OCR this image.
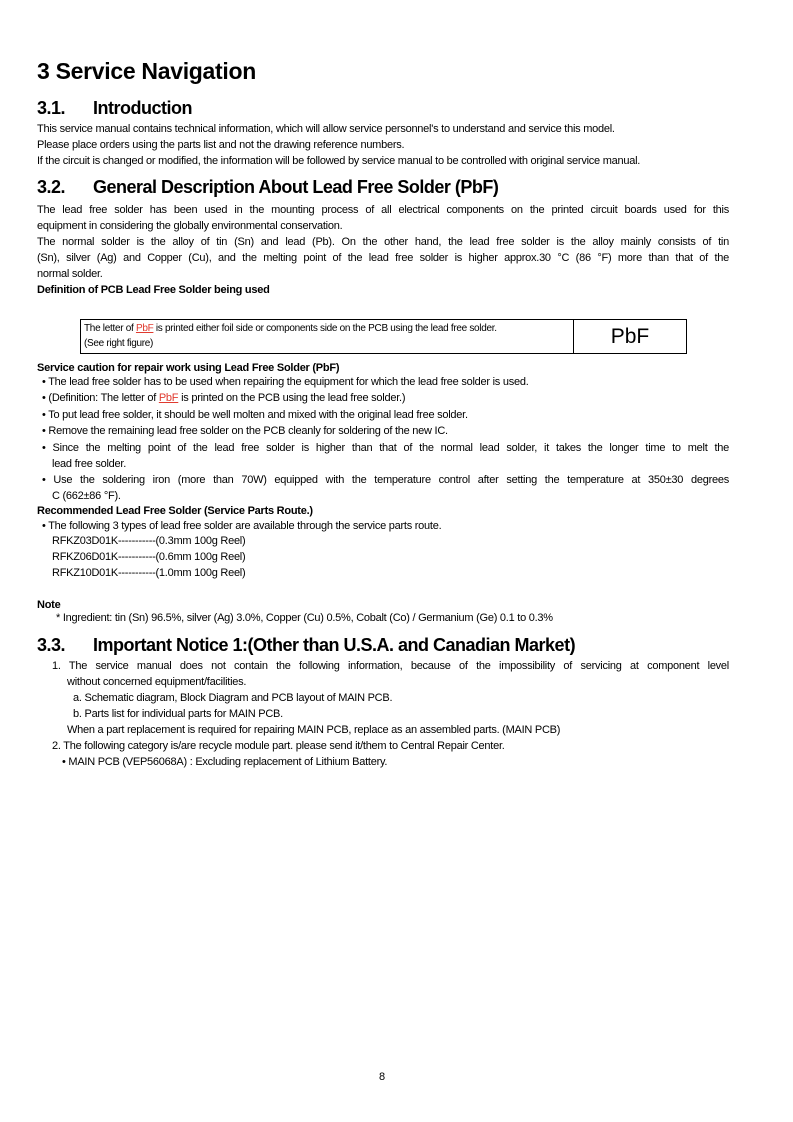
3 Service Navigation
3.1. Introduction
This service manual contains technical information, which will allow service personnel's to understand and service this model.
Please place orders using the parts list and not the drawing reference numbers.
If the circuit is changed or modified, the information will be followed by service manual to be controlled with original service manual.
3.2. General Description About Lead Free Solder (PbF)
The lead free solder has been used in the mounting process of all electrical components on the printed circuit boards used for this
equipment in considering the globally environmental conservation.
The normal solder is the alloy of tin (Sn) and lead (Pb). On the other hand, the lead free solder is the alloy mainly consists of tin
(Sn), silver (Ag) and Copper (Cu), and the melting point of the lead free solder is higher approx.30 °C (86 °F) more than that of the
normal solder.
Definition of PCB Lead Free Solder being used
The letter of PbF is printed either foil side or components side on the PCB using the lead free solder.
(See right figure)	PbF
Service caution for repair work using Lead Free Solder (PbF)
• The lead free solder has to be used when repairing the equipment for which the lead free solder is used.
• (Definition: The letter of PbF is printed on the PCB using the lead free solder.)
• To put lead free solder, it should be well molten and mixed with the original lead free solder.
• Remove the remaining lead free solder on the PCB cleanly for soldering of the new IC.
• Since the melting point of the lead free solder is higher than that of the normal lead solder, it takes the longer time to melt the
lead free solder.
• Use the soldering iron (more than 70W) equipped with the temperature control after setting the temperature at 350±30 degrees
C (662±86 °F).
Recommended Lead Free Solder (Service Parts Route.)
• The following 3 types of lead free solder are available through the service parts route.
RFKZ03D01K-----------(0.3mm 100g Reel)
RFKZ06D01K-----------(0.6mm 100g Reel)
RFKZ10D01K-----------(1.0mm 100g Reel)
Note
* Ingredient: tin (Sn) 96.5%, silver (Ag) 3.0%, Copper (Cu) 0.5%, Cobalt (Co) / Germanium (Ge) 0.1 to 0.3%
3.3. Important Notice 1:(Other than U.S.A. and Canadian Market)
1. The service manual does not contain the following information, because of the impossibility of servicing at component level
without concerned equipment/facilities.
a. Schematic diagram, Block Diagram and PCB layout of MAIN PCB.
b. Parts list for individual parts for MAIN PCB.
When a part replacement is required for repairing MAIN PCB, replace as an assembled parts. (MAIN PCB)
2. The following category is/are recycle module part. please send it/them to Central Repair Center.
• MAIN PCB (VEP56068A) : Excluding replacement of Lithium Battery.
8
